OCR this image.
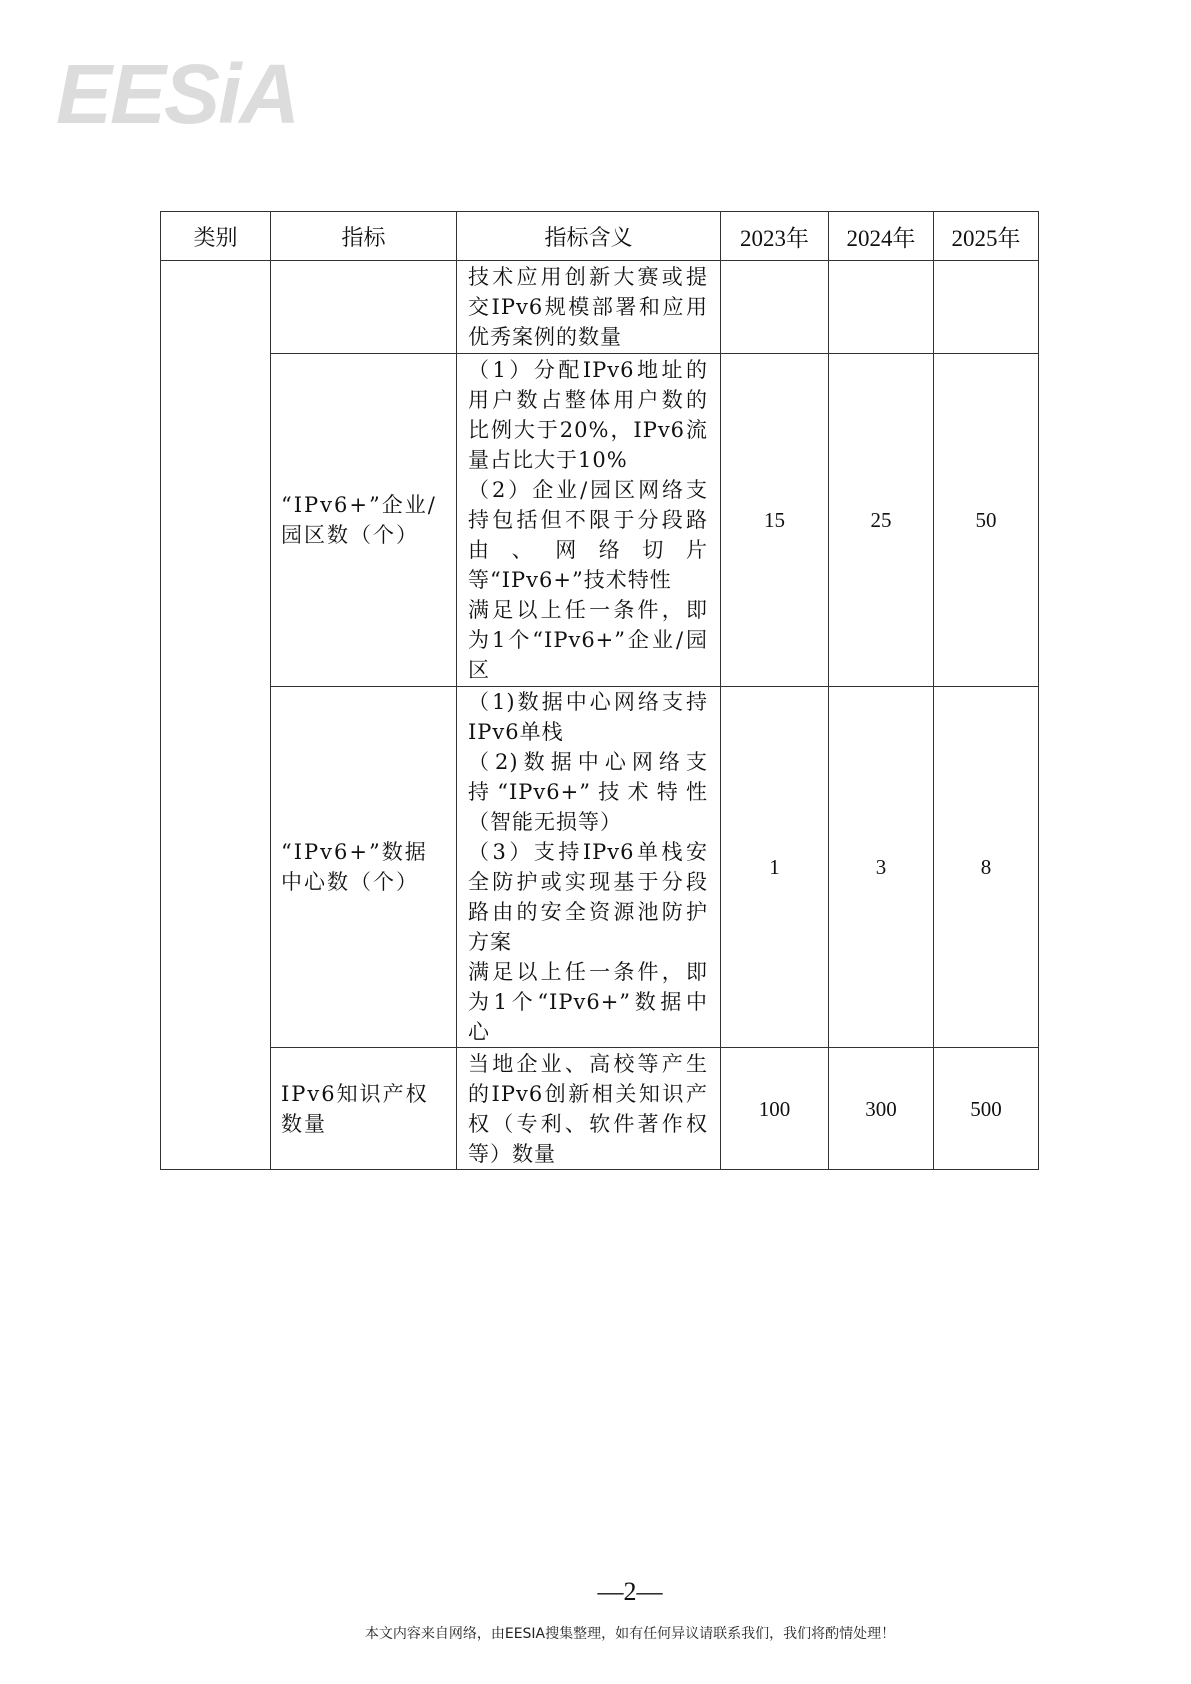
EESiA
类别	指标	指标含义	2023年	2024年	2025年

		技术应用创新大赛或提交IPv6规模部署和应用优秀案例的数量			

	“IPv6+”企业/园区数（个）	（1）分配IPv6地址的用户数占整体用户数的比例大于20%，IPv6流量占比大于10%
（2）企业/园区网络支持包括但不限于分段路由、网络切片等“IPv6+”技术特性
满足以上任一条件，即为1个“IPv6+”企业/园区	15	25	50
	“IPv6+”数据中心数（个）	（1)数据中心网络支持IPv6单栈
（2)数据中心网络支持“IPv6+”技术特性（智能无损等）
（3）支持IPv6单栈安全防护或实现基于分段路由的安全资源池防护方案
满足以上任一条件，即为1个“IPv6+”数据中心	1	3	8
	IPv6知识产权数量	当地企业、高校等产生的IPv6创新相关知识产权（专利、软件著作权等）数量	100	300	500
—2—
本文内容来自网络，由EESIA搜集整理，如有任何异议请联系我们，我们将酌情处理！
